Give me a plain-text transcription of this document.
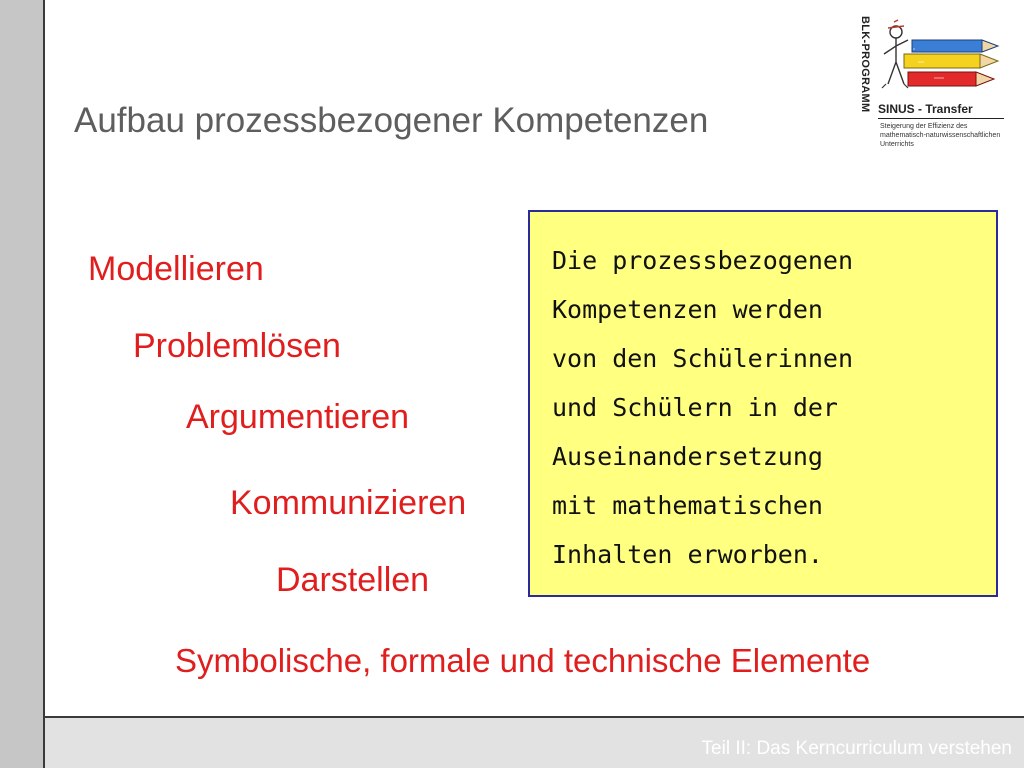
Teil II: Das Kerncurriculum verstehen
Aufbau prozessbezogener Kompetenzen
Modellieren
Problemlösen
Argumentieren
Kommunizieren
Darstellen
Symbolische, formale und technische Elemente
Die prozessbezogenen
Kompetenzen werden
von den Schülerinnen
und Schülern in der
Auseinandersetzung
mit mathematischen
Inhalten erworben.
BLK-PROGRAMM SINUS - Transfer
Steigerung der Effizienz des
mathematisch-naturwissenschaftlichen
Unterrichts
